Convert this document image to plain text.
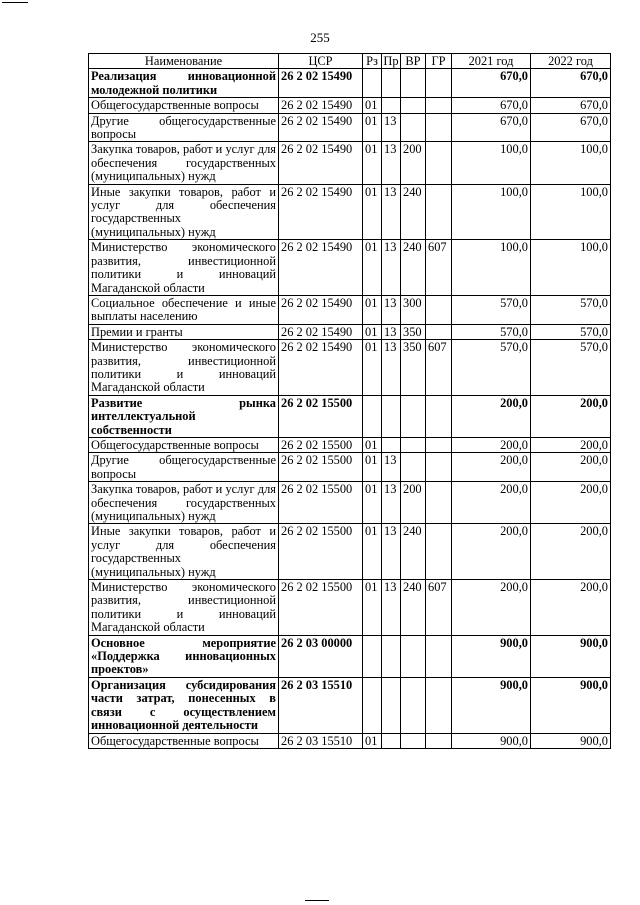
255
Наименование	ЦСР	Рз	Пр	ВР	ГР	2021 год	2022 год
Реализация инновационной молодежной политики	26 2 02 15490					670,0	670,0
Общегосударственные вопросы	26 2 02 15490	01				670,0	670,0
Другие общегосударственные вопросы	26 2 02 15490	01	13			670,0	670,0
Закупка товаров, работ и услуг для обеспечения государственных (муниципальных) нужд	26 2 02 15490	01	13	200		100,0	100,0
Иные закупки товаров, работ и услуг для обеспечения государственных (муниципальных) нужд	26 2 02 15490	01	13	240		100,0	100,0
Министерство экономического развития, инвестиционной политики и инноваций Магаданской области	26 2 02 15490	01	13	240	607	100,0	100,0
Социальное обеспечение и иные выплаты населению	26 2 02 15490	01	13	300		570,0	570,0
Премии и гранты	26 2 02 15490	01	13	350		570,0	570,0
Министерство экономического развития, инвестиционной политики и инноваций Магаданской области	26 2 02 15490	01	13	350	607	570,0	570,0
Развитие рынка интеллектуальной собственности	26 2 02 15500					200,0	200,0
Общегосударственные вопросы	26 2 02 15500	01				200,0	200,0
Другие общегосударственные вопросы	26 2 02 15500	01	13			200,0	200,0
Закупка товаров, работ и услуг для обеспечения государственных (муниципальных) нужд	26 2 02 15500	01	13	200		200,0	200,0
Иные закупки товаров, работ и услуг для обеспечения государственных (муниципальных) нужд	26 2 02 15500	01	13	240		200,0	200,0
Министерство экономического развития, инвестиционной политики и инноваций Магаданской области	26 2 02 15500	01	13	240	607	200,0	200,0
Основное мероприятие «Поддержка инновационных проектов»	26 2 03 00000					900,0	900,0
Организация субсидирования части затрат, понесенных в связи с осуществлением инновационной деятельности	26 2 03 15510					900,0	900,0
Общегосударственные вопросы	26 2 03 15510	01				900,0	900,0
